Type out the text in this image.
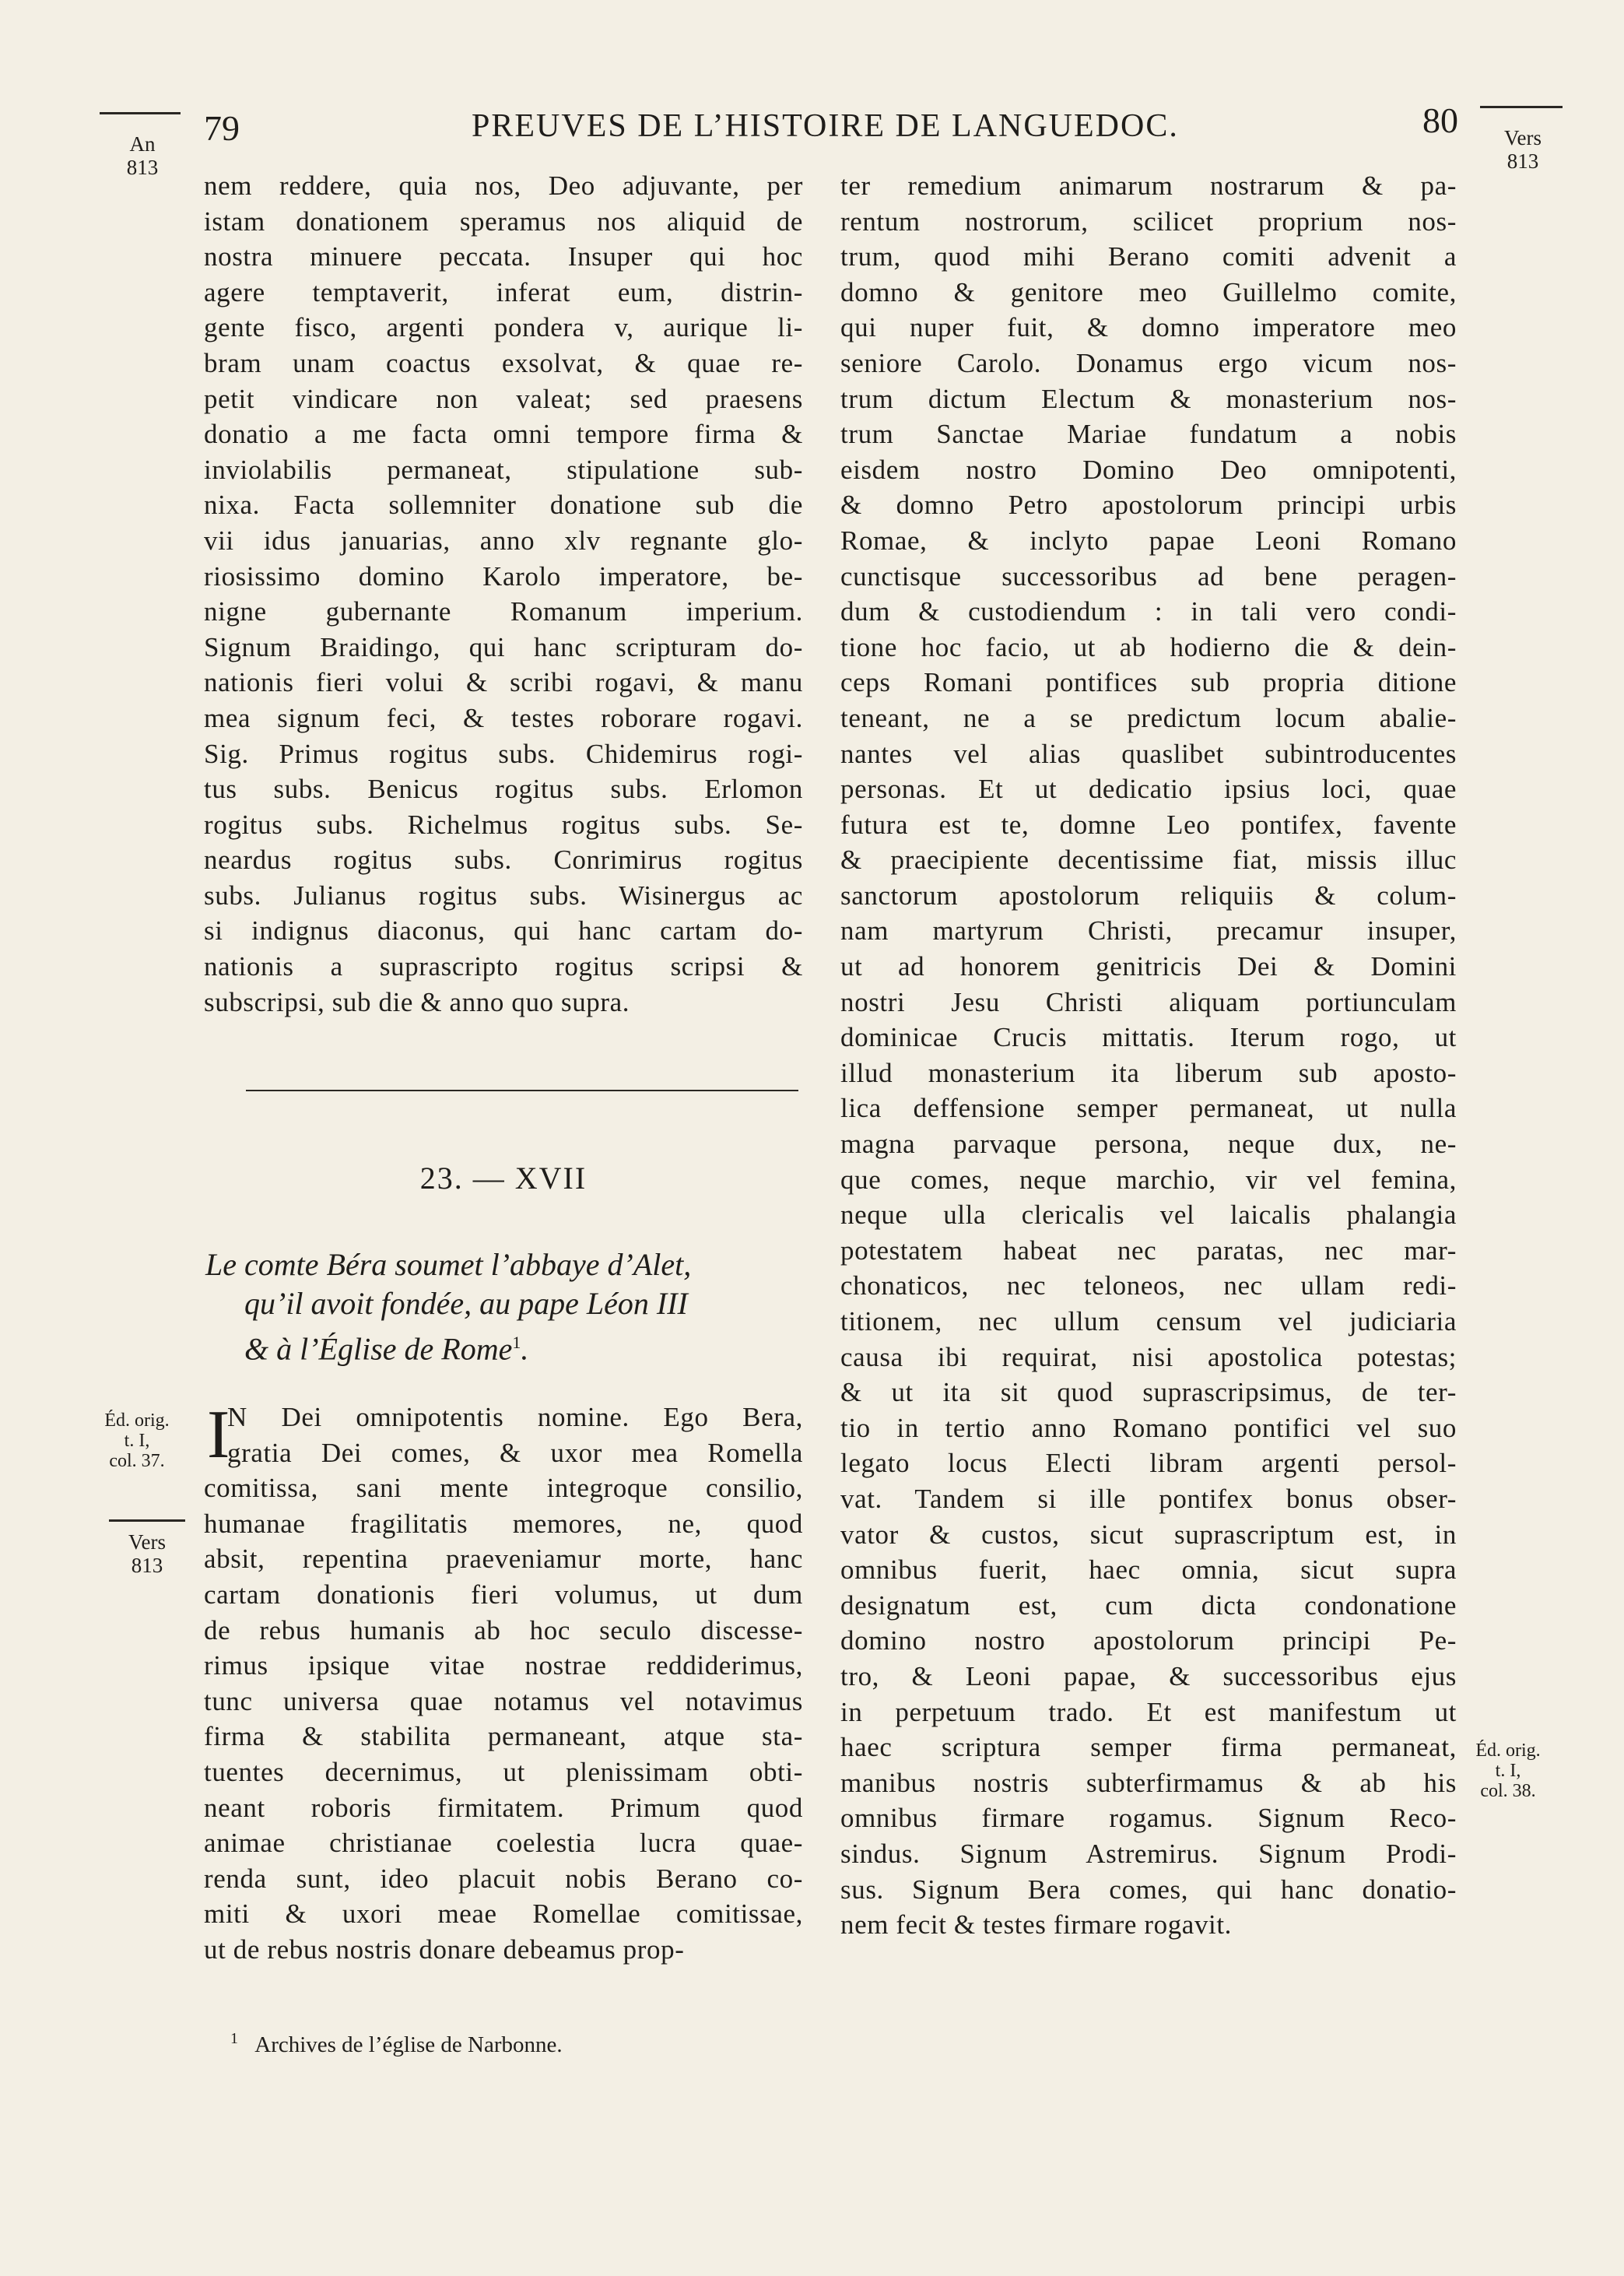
79	PREUVES DE L’HISTOIRE DE LANGUEDOC.	80
An
813
Vers
813
nem reddere, quia nos, Deo adjuvante, per
istam donationem speramus nos aliquid de
nostra minuere peccata. Insuper qui hoc
agere temptaverit, inferat eum, distrin-
gente fisco, argenti pondera v, aurique li-
bram unam coactus exsolvat, & quae re-
petit vindicare non valeat; sed praesens
donatio a me facta omni tempore firma &
inviolabilis permaneat, stipulatione sub-
nixa. Facta sollemniter donatione sub die
vii idus januarias, anno xlv regnante glo-
riosissimo domino Karolo imperatore, be-
nigne gubernante Romanum imperium.
Signum Braidingo, qui hanc scripturam do-
nationis fieri volui & scribi rogavi, & manu
mea signum feci, & testes roborare rogavi.
Sig. Primus rogitus subs. Chidemirus rogi-
tus subs. Benicus rogitus subs. Erlomon
rogitus subs. Richelmus rogitus subs. Se-
neardus rogitus subs. Conrimirus rogitus
subs. Julianus rogitus subs. Wisinergus ac
si indignus diaconus, qui hanc cartam do-
nationis a suprascripto rogitus scripsi &
subscripsi, sub die & anno quo supra.
23. — XVII
Le comte Béra soumet l’abbaye d’Alet,
qu’il avoit fondée, au pape Léon III
& à l’Église de Rome$^1$.
Éd. orig.
t. I,
col. 37.
Vers
813
I
N Dei omnipotentis nomine. Ego Bera,
gratia Dei comes, & uxor mea Romella
comitissa, sani mente integroque consilio,
humanae fragilitatis memores, ne, quod
absit, repentina praeveniamur morte, hanc
cartam donationis fieri volumus, ut dum
de rebus humanis ab hoc seculo discesse-
rimus ipsique vitae nostrae reddiderimus,
tunc universa quae notamus vel notavimus
firma & stabilita permaneant, atque sta-
tuentes decernimus, ut plenissimam obti-
neant roboris firmitatem. Primum quod
animae christianae coelestia lucra quae-
renda sunt, ideo placuit nobis Berano co-
miti & uxori meae Romellae comitissae,
ut de rebus nostris donare debeamus prop-
ter remedium animarum nostrarum & pa-
rentum nostrorum, scilicet proprium nos-
trum, quod mihi Berano comiti advenit a
domno & genitore meo Guillelmo comite,
qui nuper fuit, & domno imperatore meo
seniore Carolo. Donamus ergo vicum nos-
trum dictum Electum & monasterium nos-
trum Sanctae Mariae fundatum a nobis
eisdem nostro Domino Deo omnipotenti,
& domno Petro apostolorum principi urbis
Romae, & inclyto papae Leoni Romano
cunctisque successoribus ad bene peragen-
dum & custodiendum : in tali vero condi-
tione hoc facio, ut ab hodierno die & dein-
ceps Romani pontifices sub propria ditione
teneant, ne a se predictum locum abalie-
nantes vel alias quaslibet subintroducentes
personas. Et ut dedicatio ipsius loci, quae
futura est te, domne Leo pontifex, favente
& praecipiente decentissime fiat, missis illuc
sanctorum apostolorum reliquiis & colum-
nam martyrum Christi, precamur insuper,
ut ad honorem genitricis Dei & Domini
nostri Jesu Christi aliquam portiunculam
dominicae Crucis mittatis. Iterum rogo, ut
illud monasterium ita liberum sub aposto-
lica deffensione semper permaneat, ut nulla
magna parvaque persona, neque dux, ne-
que comes, neque marchio, vir vel femina,
neque ulla clericalis vel laicalis phalangia
potestatem habeat nec paratas, nec mar-
chonaticos, nec teloneos, nec ullam redi-
titionem, nec ullum censum vel judiciaria
causa ibi requirat, nisi apostolica potestas;
& ut ita sit quod suprascripsimus, de ter-
tio in tertio anno Romano pontifici vel suo
legato locus Electi libram argenti persol-
vat. Tandem si ille pontifex bonus obser-
vator & custos, sicut suprascriptum est, in
omnibus fuerit, haec omnia, sicut supra
designatum est, cum dicta condonatione
domino nostro apostolorum principi Pe-
tro, & Leoni papae, & successoribus ejus
in perpetuum trado. Et est manifestum ut
haec scriptura semper firma permaneat,
manibus nostris subterfirmamus & ab his
omnibus firmare rogamus. Signum Reco-
sindus. Signum Astremirus. Signum Prodi-
sus. Signum Bera comes, qui hanc donatio-
nem fecit & testes firmare rogavit.
Éd. orig.
t. I,
col. 38.
$^1$ Archives de l’église de Narbonne.
